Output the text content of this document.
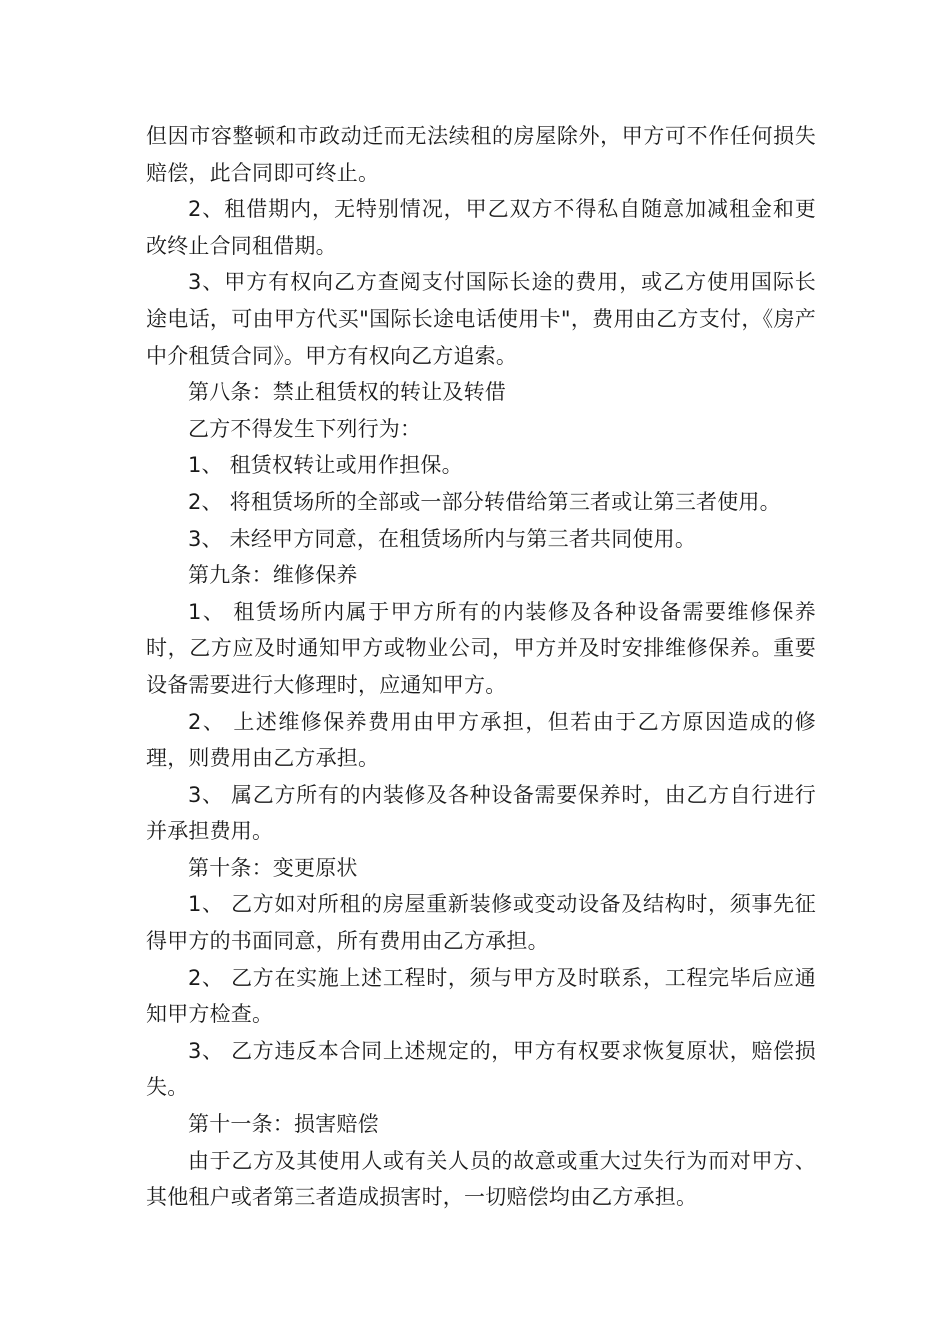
但因市容整顿和市政动迁而无法续租的房屋除外，甲方可不作任何损失赔偿，此合同即可终止。

2、租借期内，无特别情况，甲乙双方不得私自随意加减租金和更改终止合同租借期。

3、甲方有权向乙方查阅支付国际长途的费用，或乙方使用国际长途电话，可由甲方代买"国际长途电话使用卡"，费用由乙方支付，《房产中介租赁合同》。甲方有权向乙方追索。

第八条：禁止租赁权的转让及转借

乙方不得发生下列行为：

1、 租赁权转让或用作担保。

2、 将租赁场所的全部或一部分转借给第三者或让第三者使用。

3、 未经甲方同意，在租赁场所内与第三者共同使用。

第九条：维修保养

1、 租赁场所内属于甲方所有的内装修及各种设备需要维修保养时，乙方应及时通知甲方或物业公司，甲方并及时安排维修保养。重要设备需要进行大修理时，应通知甲方。

2、 上述维修保养费用由甲方承担，但若由于乙方原因造成的修理，则费用由乙方承担。

3、 属乙方所有的内装修及各种设备需要保养时，由乙方自行进行并承担费用。

第十条：变更原状

1、 乙方如对所租的房屋重新装修或变动设备及结构时，须事先征得甲方的书面同意，所有费用由乙方承担。

2、 乙方在实施上述工程时，须与甲方及时联系，工程完毕后应通知甲方检查。

3、 乙方违反本合同上述规定的，甲方有权要求恢复原状，赔偿损失。

第十一条：损害赔偿

由于乙方及其使用人或有关人员的故意或重大过失行为而对甲方、其他租户或者第三者造成损害时，一切赔偿均由乙方承担。
